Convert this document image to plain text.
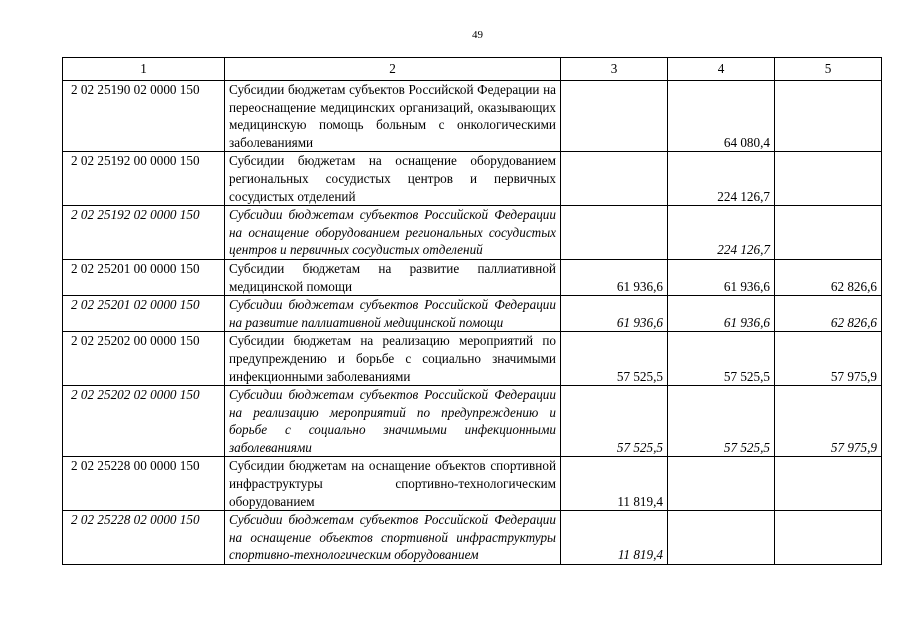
49
1	2	3	4	5
2 02 25190 02 0000 150	Субсидии бюджетам субъектов Российской Федерации на переоснащение медицинских организаций, оказывающих медицинскую помощь больным с онкологическими заболеваниями		64 080,4	
2 02 25192 00 0000 150	Субсидии бюджетам на оснащение оборудованием региональных сосудистых центров и первичных сосудистых отделений		224 126,7	
2 02 25192 02 0000 150	Субсидии бюджетам субъектов Российской Федерации на оснащение оборудованием региональных сосудистых центров и первичных сосудистых отделений		224 126,7	
2 02 25201 00 0000 150	Субсидии бюджетам на развитие паллиативной медицинской помощи	61 936,6	61 936,6	62 826,6
2 02 25201 02 0000 150	Субсидии бюджетам субъектов Российской Федерации на развитие паллиативной медицинской помощи	61 936,6	61 936,6	62 826,6
2 02 25202 00 0000 150	Субсидии бюджетам на реализацию мероприятий по предупреждению и борьбе с социально значимыми инфекционными заболеваниями	57 525,5	57 525,5	57 975,9
2 02 25202 02 0000 150	Субсидии бюджетам субъектов Российской Федерации на реализацию мероприятий по предупреждению и борьбе с социально значимыми инфекционными заболеваниями	57 525,5	57 525,5	57 975,9
2 02 25228 00 0000 150	Субсидии бюджетам на оснащение объектов спортивной инфраструктуры спортивно-технологическим оборудованием	11 819,4		
2 02 25228 02 0000 150	Субсидии бюджетам субъектов Российской Федерации на оснащение объектов спортивной инфраструктуры спортивно-технологическим оборудованием	11 819,4		
